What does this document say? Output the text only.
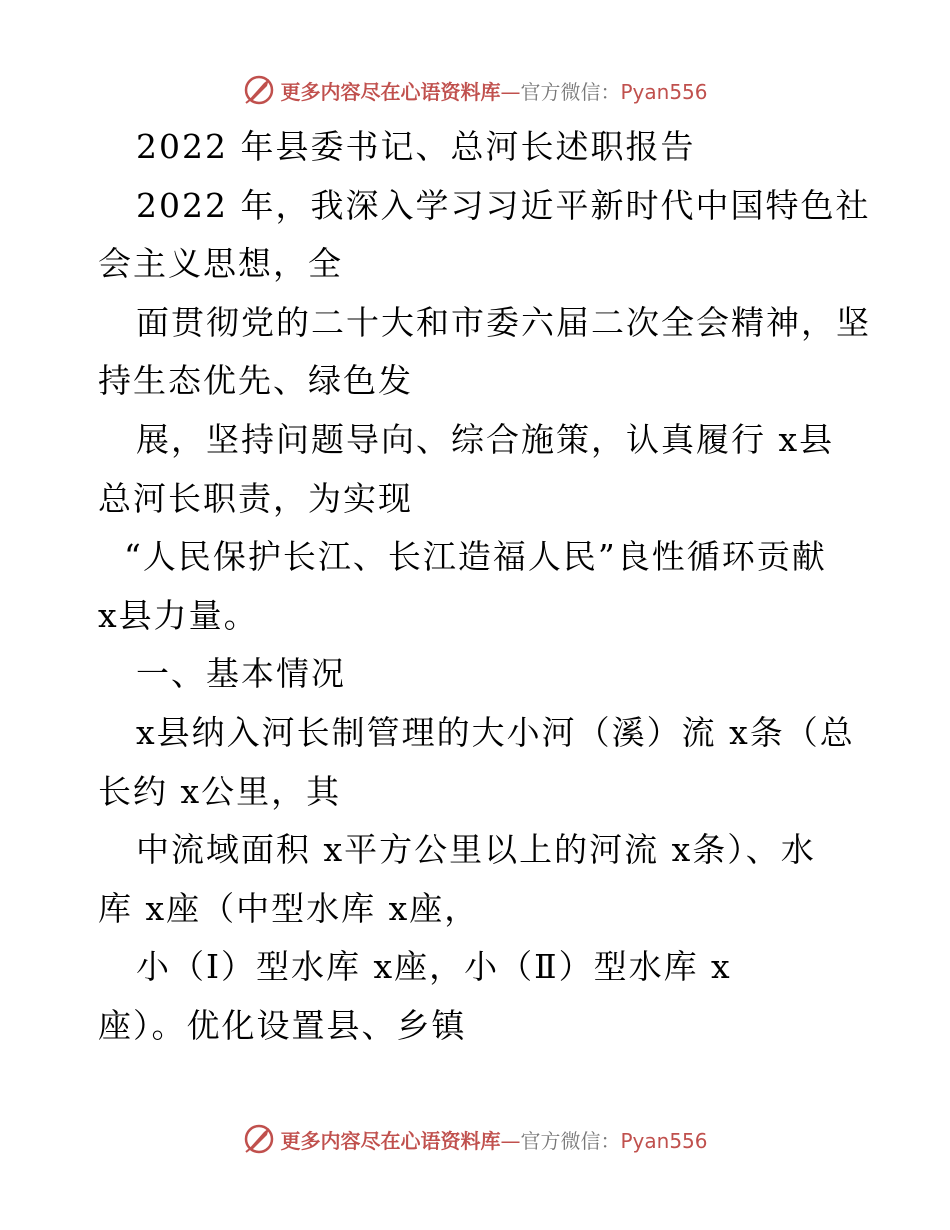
更多内容尽在心语资料库—官方微信：Pyan556
2022 年县委书记、总河长述职报告
2022 年，我深入学习习近平新时代中国特色社
会主义思想，全
面贯彻党的二十大和市委六届二次全会精神，坚
持生态优先、绿色发
展，坚持问题导向、综合施策，认真履行 x县
总河长职责，为实现
“人民保护长江、长江造福人民”良性循环贡献
x县力量。
一、基本情况
x县纳入河长制管理的大小河（溪）流 x条（总
长约 x公里，其
中流域面积 x平方公里以上的河流 x条）、水
库 x座（中型水库 x座，
小（Ⅰ）型水库 x座，小（Ⅱ）型水库 x
座）。优化设置县、乡镇
更多内容尽在心语资料库—官方微信：Pyan556
